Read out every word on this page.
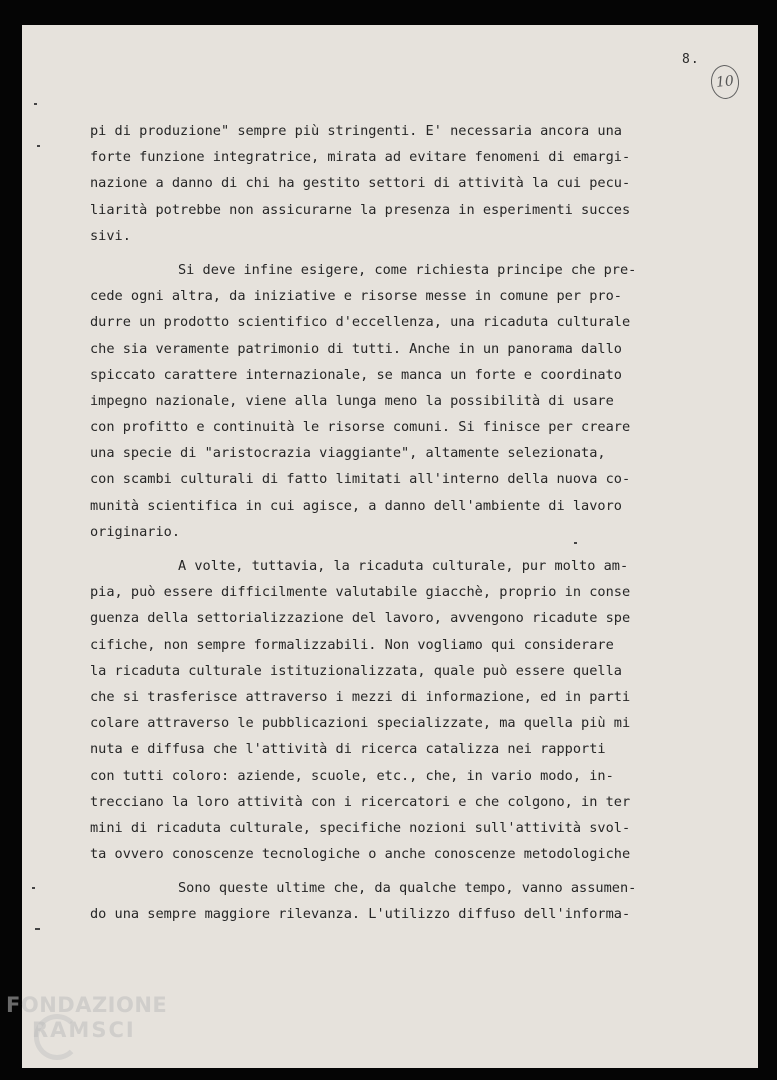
8.
10
pi di produzione" sempre più stringenti. E' necessaria ancora una
forte funzione integratrice, mirata ad evitare fenomeni di emargi-
nazione a danno di chi ha gestito settori di attività la cui pecu-
liarità potrebbe non assicurarne la presenza in esperimenti succes
sivi.
Si deve infine esigere, come richiesta principe che pre-
cede ogni altra, da iniziative e risorse messe in comune per pro-
durre un prodotto scientifico d'eccellenza, una ricaduta culturale
che sia veramente patrimonio di tutti. Anche in un panorama dallo
spiccato carattere internazionale, se manca un forte e coordinato
impegno nazionale, viene alla lunga meno la possibilità di usare
con profitto e continuità le risorse comuni. Si finisce per creare
una specie di "aristocrazia viaggiante", altamente selezionata,
con scambi culturali di fatto limitati all'interno della nuova co-
munità scientifica in cui agisce, a danno dell'ambiente di lavoro
originario.
A volte, tuttavia, la ricaduta culturale, pur molto am-
pia, può essere difficilmente valutabile giacchè, proprio in conse
guenza della settorializzazione del lavoro, avvengono ricadute spe
cifiche, non sempre formalizzabili. Non vogliamo qui considerare
la ricaduta culturale istituzionalizzata, quale può essere quella
che si trasferisce attraverso i mezzi di informazione, ed in parti
colare attraverso le pubblicazioni specializzate, ma quella più mi
nuta e diffusa che l'attività di ricerca catalizza nei rapporti
con tutti coloro: aziende, scuole, etc., che, in vario modo, in-
trecciano la loro attività con i ricercatori e che colgono, in ter
mini di ricaduta culturale, specifiche nozioni sull'attività svol-
ta ovvero conoscenze tecnologiche o anche conoscenze metodologiche
Sono queste ultime che, da qualche tempo, vanno assumen-
do una sempre maggiore rilevanza. L'utilizzo diffuso dell'informa-
FONDAZIONE
RAMSCI
